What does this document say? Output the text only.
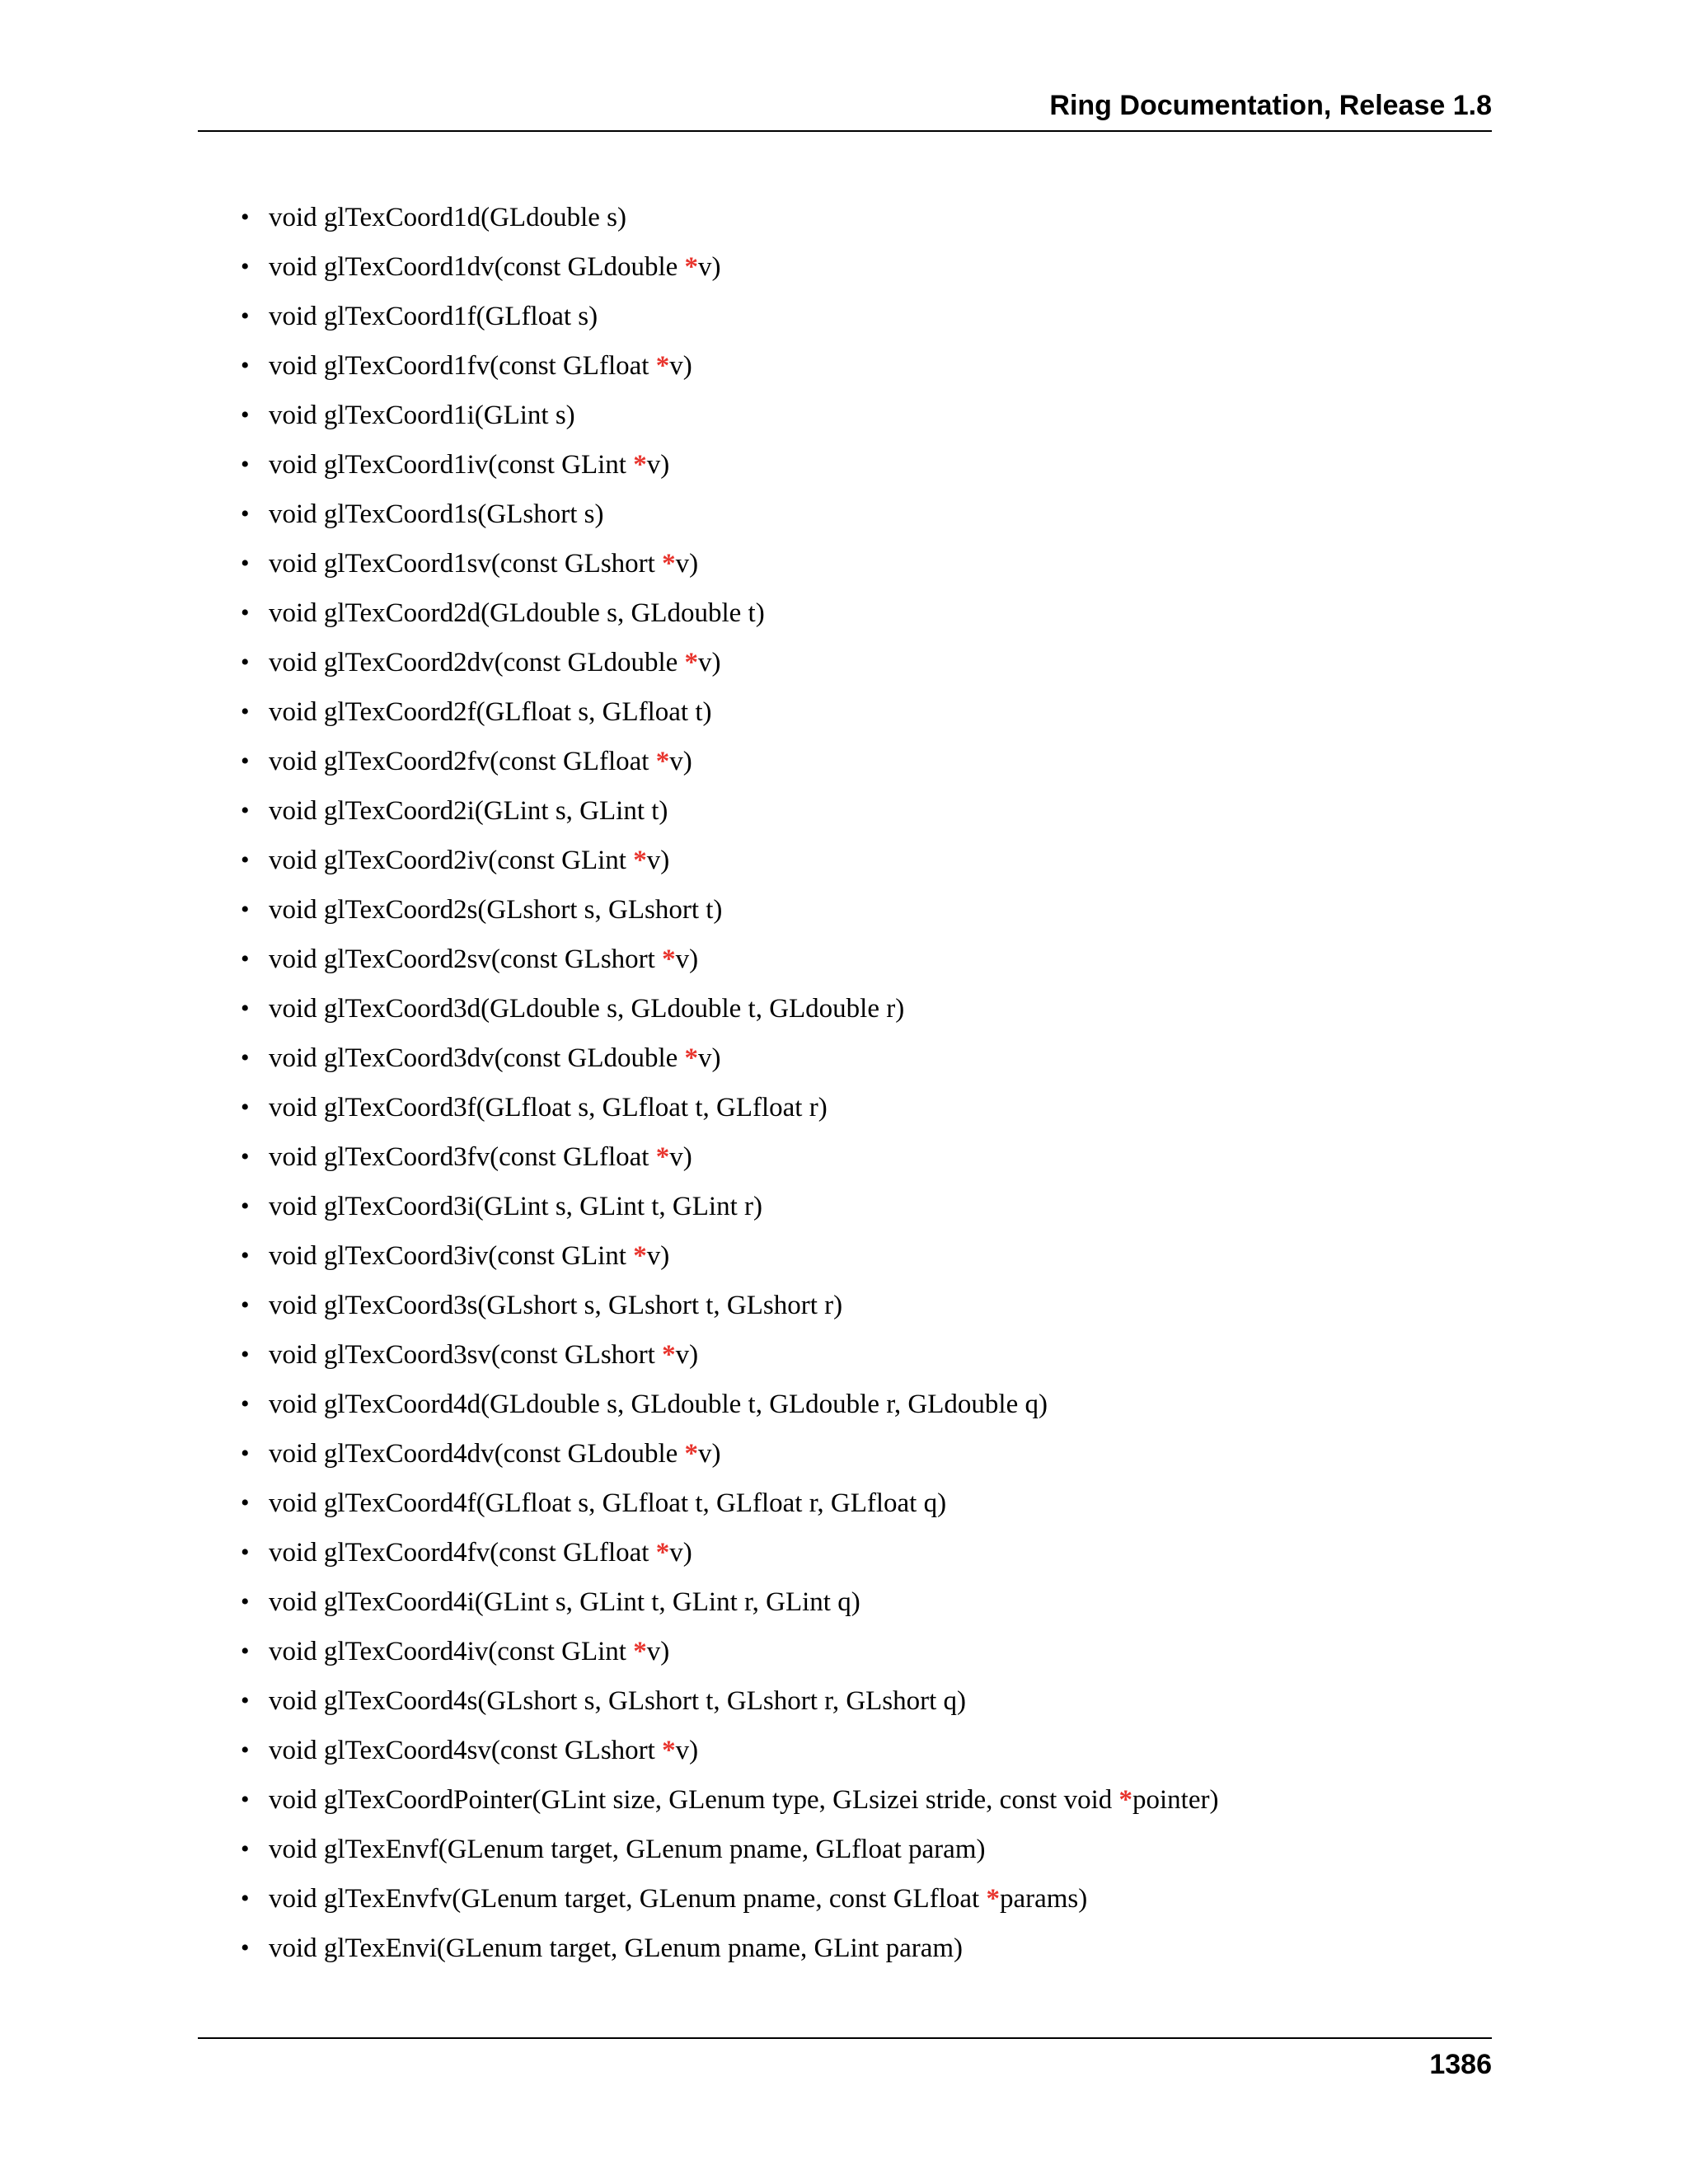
Ring Documentation, Release 1.8
• void glTexCoord1d(GLdouble s)
• void glTexCoord1dv(const GLdouble *v)
• void glTexCoord1f(GLfloat s)
• void glTexCoord1fv(const GLfloat *v)
• void glTexCoord1i(GLint s)
• void glTexCoord1iv(const GLint *v)
• void glTexCoord1s(GLshort s)
• void glTexCoord1sv(const GLshort *v)
• void glTexCoord2d(GLdouble s, GLdouble t)
• void glTexCoord2dv(const GLdouble *v)
• void glTexCoord2f(GLfloat s, GLfloat t)
• void glTexCoord2fv(const GLfloat *v)
• void glTexCoord2i(GLint s, GLint t)
• void glTexCoord2iv(const GLint *v)
• void glTexCoord2s(GLshort s, GLshort t)
• void glTexCoord2sv(const GLshort *v)
• void glTexCoord3d(GLdouble s, GLdouble t, GLdouble r)
• void glTexCoord3dv(const GLdouble *v)
• void glTexCoord3f(GLfloat s, GLfloat t, GLfloat r)
• void glTexCoord3fv(const GLfloat *v)
• void glTexCoord3i(GLint s, GLint t, GLint r)
• void glTexCoord3iv(const GLint *v)
• void glTexCoord3s(GLshort s, GLshort t, GLshort r)
• void glTexCoord3sv(const GLshort *v)
• void glTexCoord4d(GLdouble s, GLdouble t, GLdouble r, GLdouble q)
• void glTexCoord4dv(const GLdouble *v)
• void glTexCoord4f(GLfloat s, GLfloat t, GLfloat r, GLfloat q)
• void glTexCoord4fv(const GLfloat *v)
• void glTexCoord4i(GLint s, GLint t, GLint r, GLint q)
• void glTexCoord4iv(const GLint *v)
• void glTexCoord4s(GLshort s, GLshort t, GLshort r, GLshort q)
• void glTexCoord4sv(const GLshort *v)
• void glTexCoordPointer(GLint size, GLenum type, GLsizei stride, const void *pointer)
• void glTexEnvf(GLenum target, GLenum pname, GLfloat param)
• void glTexEnvfv(GLenum target, GLenum pname, const GLfloat *params)
• void glTexEnvi(GLenum target, GLenum pname, GLint param)
1386
